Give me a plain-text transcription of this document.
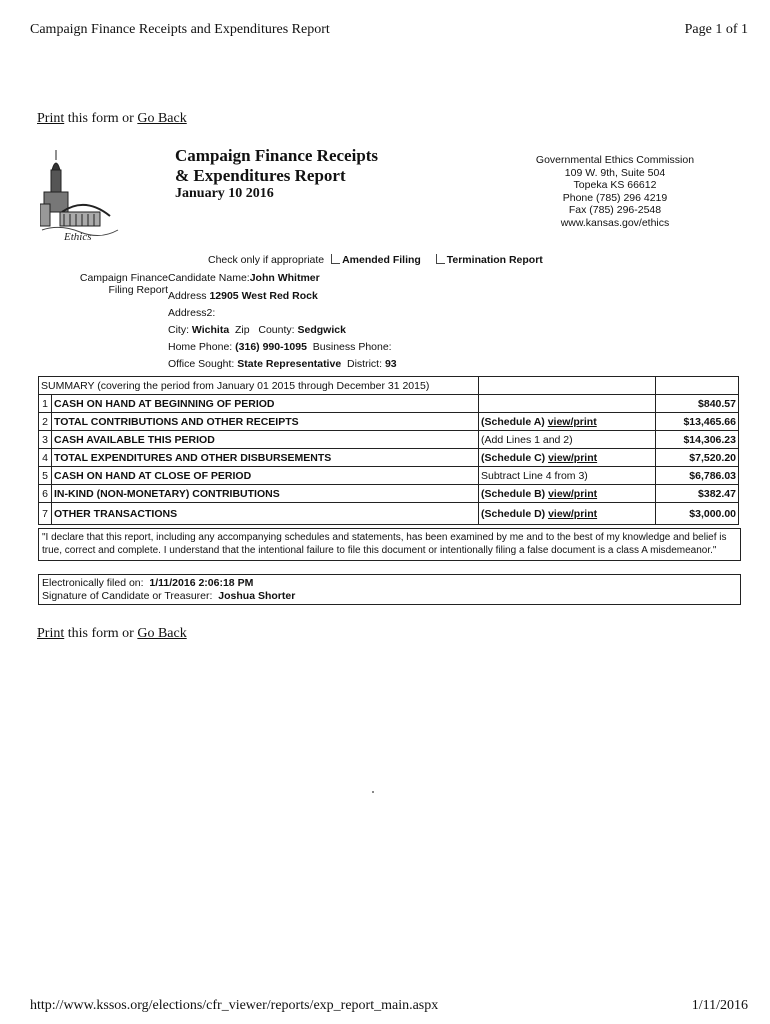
Campaign Finance Receipts and Expenditures Report	Page 1 of 1
Print this form or Go Back
Ethics
Campaign Finance Receipts
& Expenditures Report
January 10 2016
Governmental Ethics Commission
109 W. 9th, Suite 504
Topeka KS 66612
Phone (785) 296 4219
Fax (785) 296-2548
www.kansas.gov/ethics
Check only if appropriate Amended Filing Termination Report
Campaign Finance
Filing Report
Candidate Name:John Whitmer
Address 12905 West Red Rock
Address2:
City: Wichita Zip County: Sedgwick
Home Phone: (316) 990-1095 Business Phone:
Office Sought: State Representative District: 93
SUMMARY (covering the period from January 01 2015 through December 31 2015)			
1	CASH ON HAND AT BEGINNING OF PERIOD		$840.57
2	TOTAL CONTRIBUTIONS AND OTHER RECEIPTS	(Schedule A) view/print	$13,465.66
3	CASH AVAILABLE THIS PERIOD	(Add Lines 1 and 2)	$14,306.23
4	TOTAL EXPENDITURES AND OTHER DISBURSEMENTS	(Schedule C) view/print	$7,520.20
5	CASH ON HAND AT CLOSE OF PERIOD	Subtract Line 4 from 3)	$6,786.03
6	IN-KIND (NON-MONETARY) CONTRIBUTIONS	(Schedule B) view/print	$382.47
7	OTHER TRANSACTIONS	(Schedule D) view/print	$3,000.00
"I declare that this report, including any accompanying schedules and statements, has been examined by me and to the best of my knowledge and belief is true, correct and complete. I understand that the intentional failure to file this document or intentionally filing a false document is a class A misdemeanor."
Electronically filed on: 1/11/2016 2:06:18 PM
Signature of Candidate or Treasurer: Joshua Shorter
Print this form or Go Back
http://www.kssos.org/elections/cfr_viewer/reports/exp_report_main.aspx	1/11/2016
